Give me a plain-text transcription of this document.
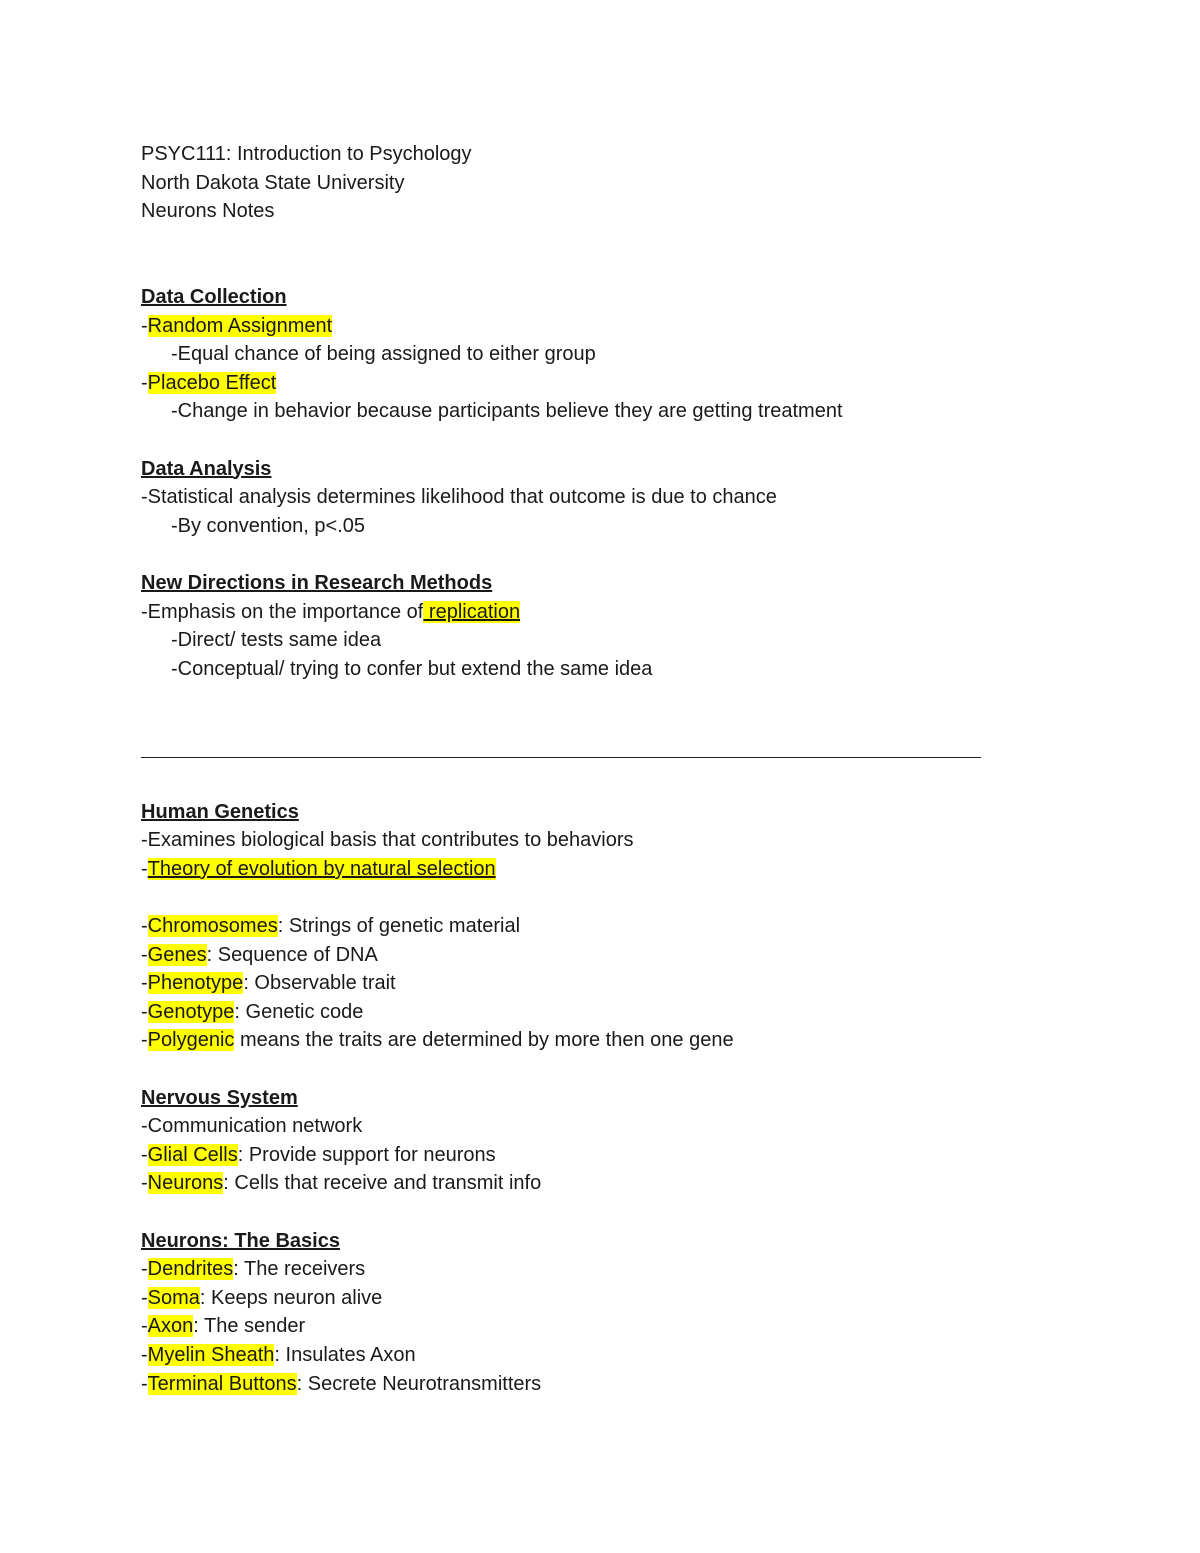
PSYC111: Introduction to Psychology
North Dakota State University
Neurons Notes
Data Collection
-Random Assignment
-Equal chance of being assigned to either group
-Placebo Effect
-Change in behavior because participants believe they are getting treatment
Data Analysis
-Statistical analysis determines likelihood that outcome is due to chance
-By convention, p<.05
New Directions in Research Methods
-Emphasis on the importance of replication
-Direct/ tests same idea
-Conceptual/ trying to confer but extend the same idea
Human Genetics
-Examines biological basis that contributes to behaviors
-Theory of evolution by natural selection
-Chromosomes: Strings of genetic material
-Genes: Sequence of DNA
-Phenotype: Observable trait
-Genotype: Genetic code
-Polygenic means the traits are determined by more then one gene
Nervous System
-Communication network
-Glial Cells: Provide support for neurons
-Neurons: Cells that receive and transmit info
Neurons: The Basics
-Dendrites: The receivers
-Soma: Keeps neuron alive
-Axon: The sender
-Myelin Sheath: Insulates Axon
-Terminal Buttons: Secrete Neurotransmitters
